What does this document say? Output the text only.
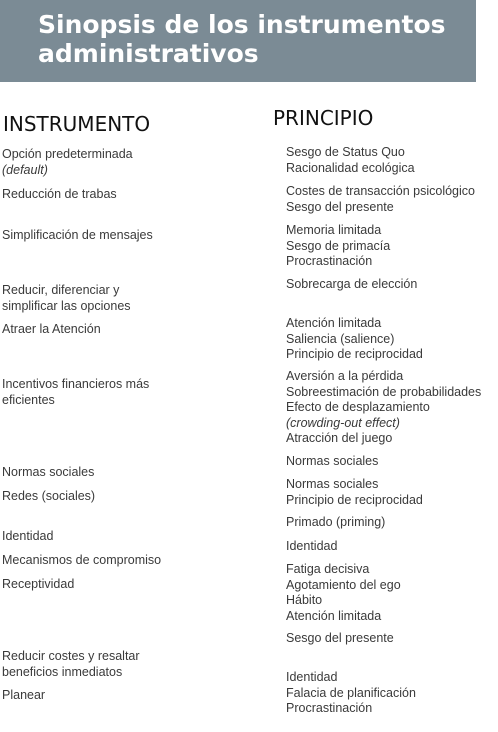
Sinopsis de los instrumentos
administrativos
INSTRUMENTO	PRINCIPIO
Opción predeterminada
(default)
Reducción de trabas
Simplificación de mensajes
Reducir, diferenciar y
simplificar las opciones
Atraer la Atención
Incentivos financieros más
eficientes
Normas sociales
Redes (sociales)
Identidad
Mecanismos de compromiso
Receptividad
Reducir costes y resaltar
beneficios inmediatos
Planear
Sesgo de Status Quo
Racionalidad ecológica
Costes de transacción psicológico
Sesgo del presente
Memoria limitada
Sesgo de primacía
Procrastinación
Sobrecarga de elección
Atención limitada
Saliencia (salience)
Principio de reciprocidad
Aversión a la pérdida
Sobreestimación de probabilidades
Efecto de desplazamiento
(crowding-out effect)
Atracción del juego
Normas sociales
Normas sociales
Principio de reciprocidad
Primado (priming)
Identidad
Fatiga decisiva
Agotamiento del ego
Hábito
Atención limitada
Sesgo del presente
Identidad
Falacia de planificación
Procrastinación
